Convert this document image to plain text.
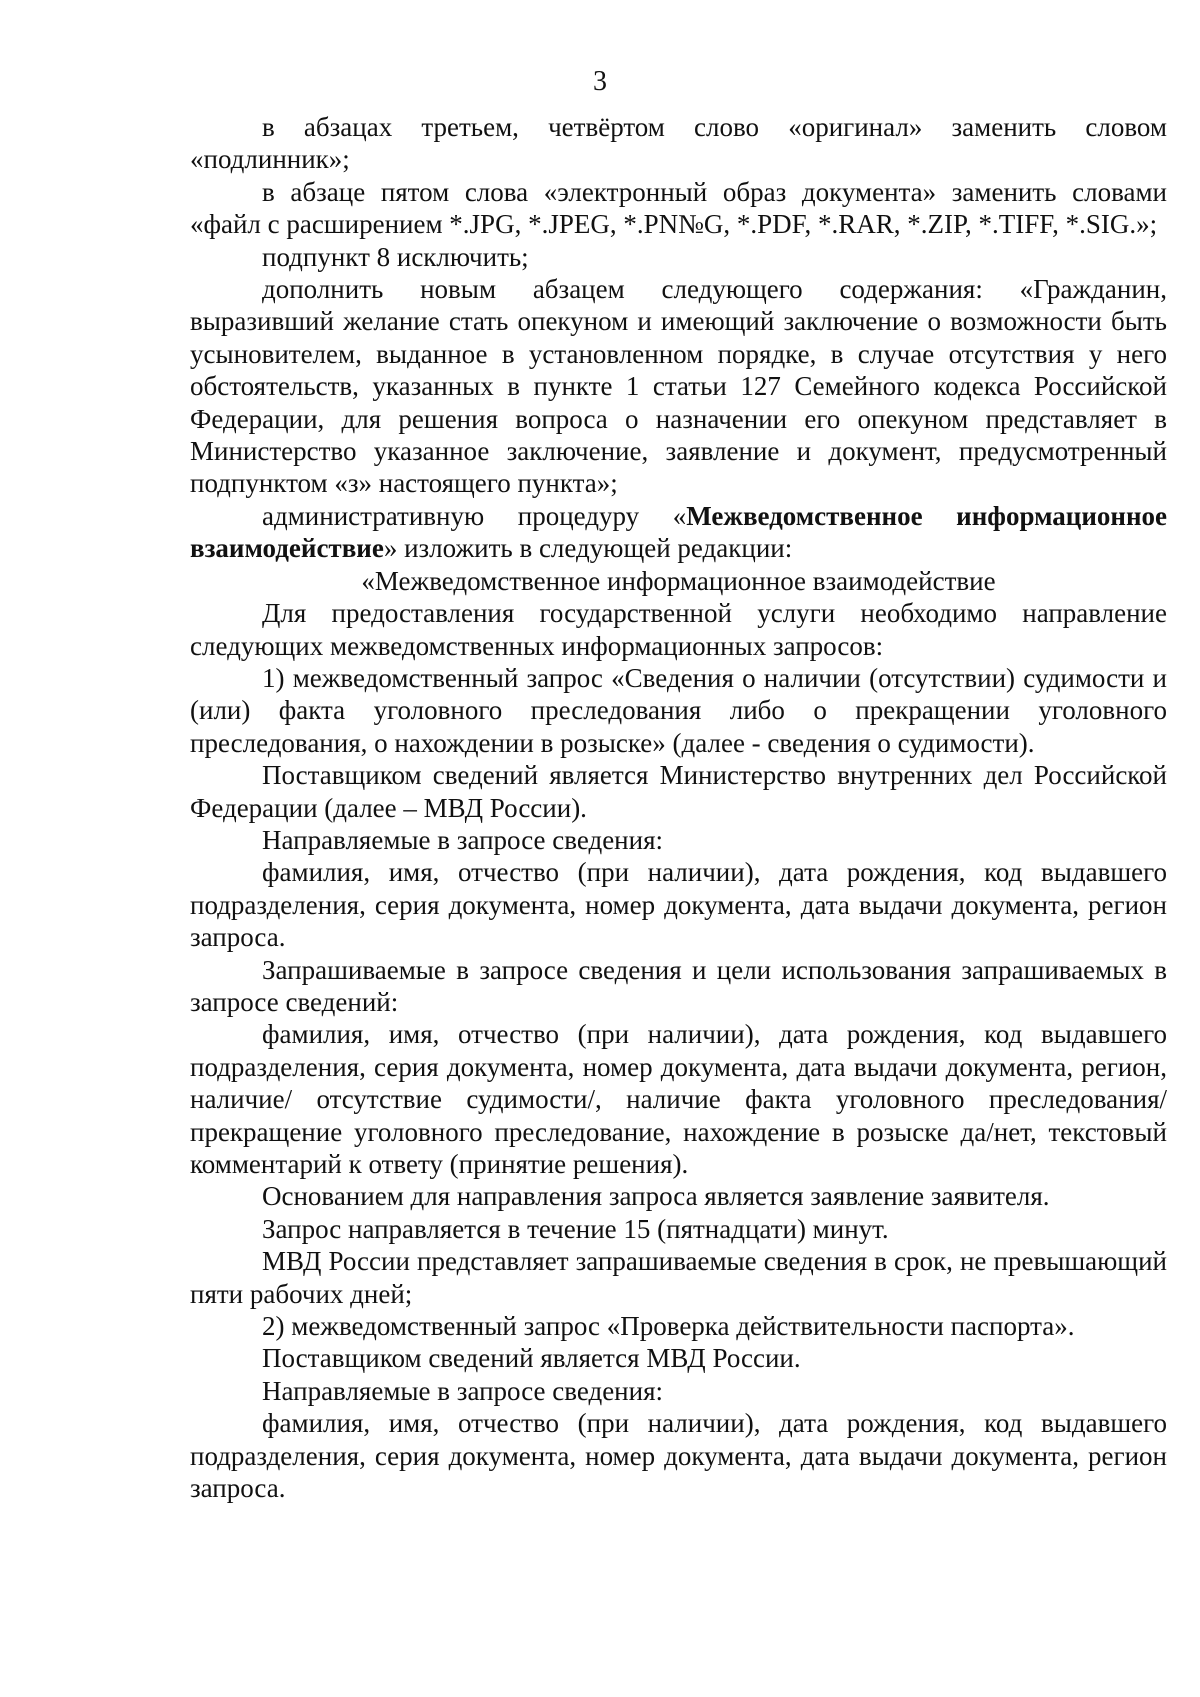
3

в абзацах третьем, четвёртом слово «оригинал» заменить словом «подлинник»;

в абзаце пятом слова «электронный образ документа» заменить словами «файл с расширением *.JPG, *.JPEG, *.PN№G, *.PDF, *.RAR, *.ZIP, *.TIFF, *.SIG.»;

подпункт 8 исключить;

дополнить новым абзацем следующего содержания: «Гражданин, выразивший желание стать опекуном и имеющий заключение о возможности быть усыновителем, выданное в установленном порядке, в случае отсутствия у него обстоятельств, указанных в пункте 1 статьи 127 Семейного кодекса Российской Федерации, для решения вопроса о назначении его опекуном представляет в Министерство указанное заключение, заявление и документ, предусмотренный подпунктом «з» настоящего пункта»;

административную процедуру «Межведомственное информационное взаимодействие» изложить в следующей редакции:

«Межведомственное информационное взаимодействие

Для предоставления государственной услуги необходимо направление следующих межведомственных информационных запросов:

1) межведомственный запрос «Сведения о наличии (отсутствии) судимости и (или) факта уголовного преследования либо о прекращении уголовного преследования, о нахождении в розыске» (далее - сведения о судимости).

Поставщиком сведений является Министерство внутренних дел Российской Федерации (далее – МВД России).

Направляемые в запросе сведения:

фамилия, имя, отчество (при наличии), дата рождения, код выдавшего подразделения, серия документа, номер документа, дата выдачи документа, регион запроса.

Запрашиваемые в запросе сведения и цели использования запрашиваемых в запросе сведений:

фамилия, имя, отчество (при наличии), дата рождения, код выдавшего подразделения, серия документа, номер документа, дата выдачи документа, регион, наличие/ отсутствие судимости/, наличие факта уголовного преследования/ прекращение уголовного преследование, нахождение в розыске да/нет, текстовый комментарий к ответу (принятие решения).

Основанием для направления запроса является заявление заявителя.

Запрос направляется в течение 15 (пятнадцати) минут.

МВД России представляет запрашиваемые сведения в срок, не превышающий пяти рабочих дней;

2) межведомственный запрос «Проверка действительности паспорта».

Поставщиком сведений является МВД России.

Направляемые в запросе сведения:

фамилия, имя, отчество (при наличии), дата рождения, код выдавшего подразделения, серия документа, номер документа, дата выдачи документа, регион запроса.
